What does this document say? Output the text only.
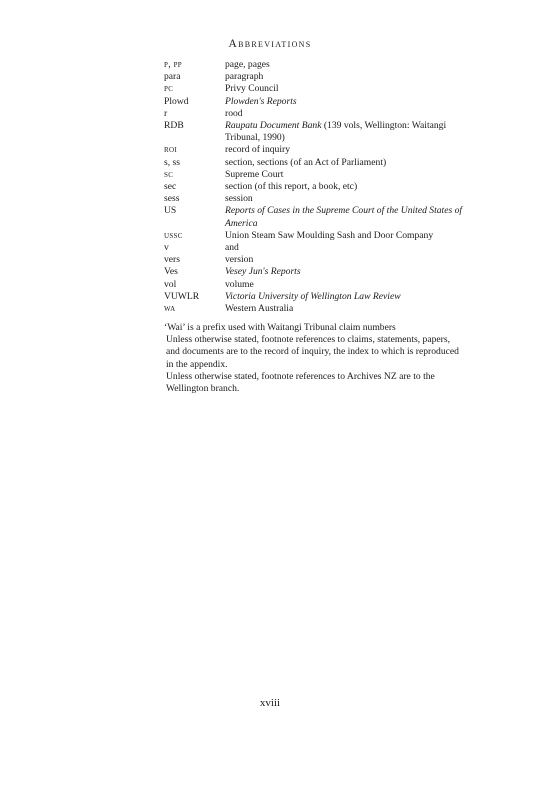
Abbreviations
p, pp	page, pages
para	paragraph
pc	Privy Council
Plowd	Plowden's Reports
r	rood
RDB	Raupatu Document Bank (139 vols, Wellington: Waitangi Tribunal, 1990)
roi	record of inquiry
s, ss	section, sections (of an Act of Parliament)
sc	Supreme Court
sec	section (of this report, a book, etc)
sess	session
US	Reports of Cases in the Supreme Court of the United States of America
ussc	Union Steam Saw Moulding Sash and Door Company
v	and
vers	version
Ves	Vesey Jun's Reports
vol	volume
VUWLR	Victoria University of Wellington Law Review
wa	Western Australia

‘Wai’ is a prefix used with Waitangi Tribunal claim numbers

Unless otherwise stated, footnote references to claims, statements, papers, and documents are to the record of inquiry, the index to which is reproduced in the appendix.

Unless otherwise stated, footnote references to Archives NZ are to the Wellington branch.

xviii
